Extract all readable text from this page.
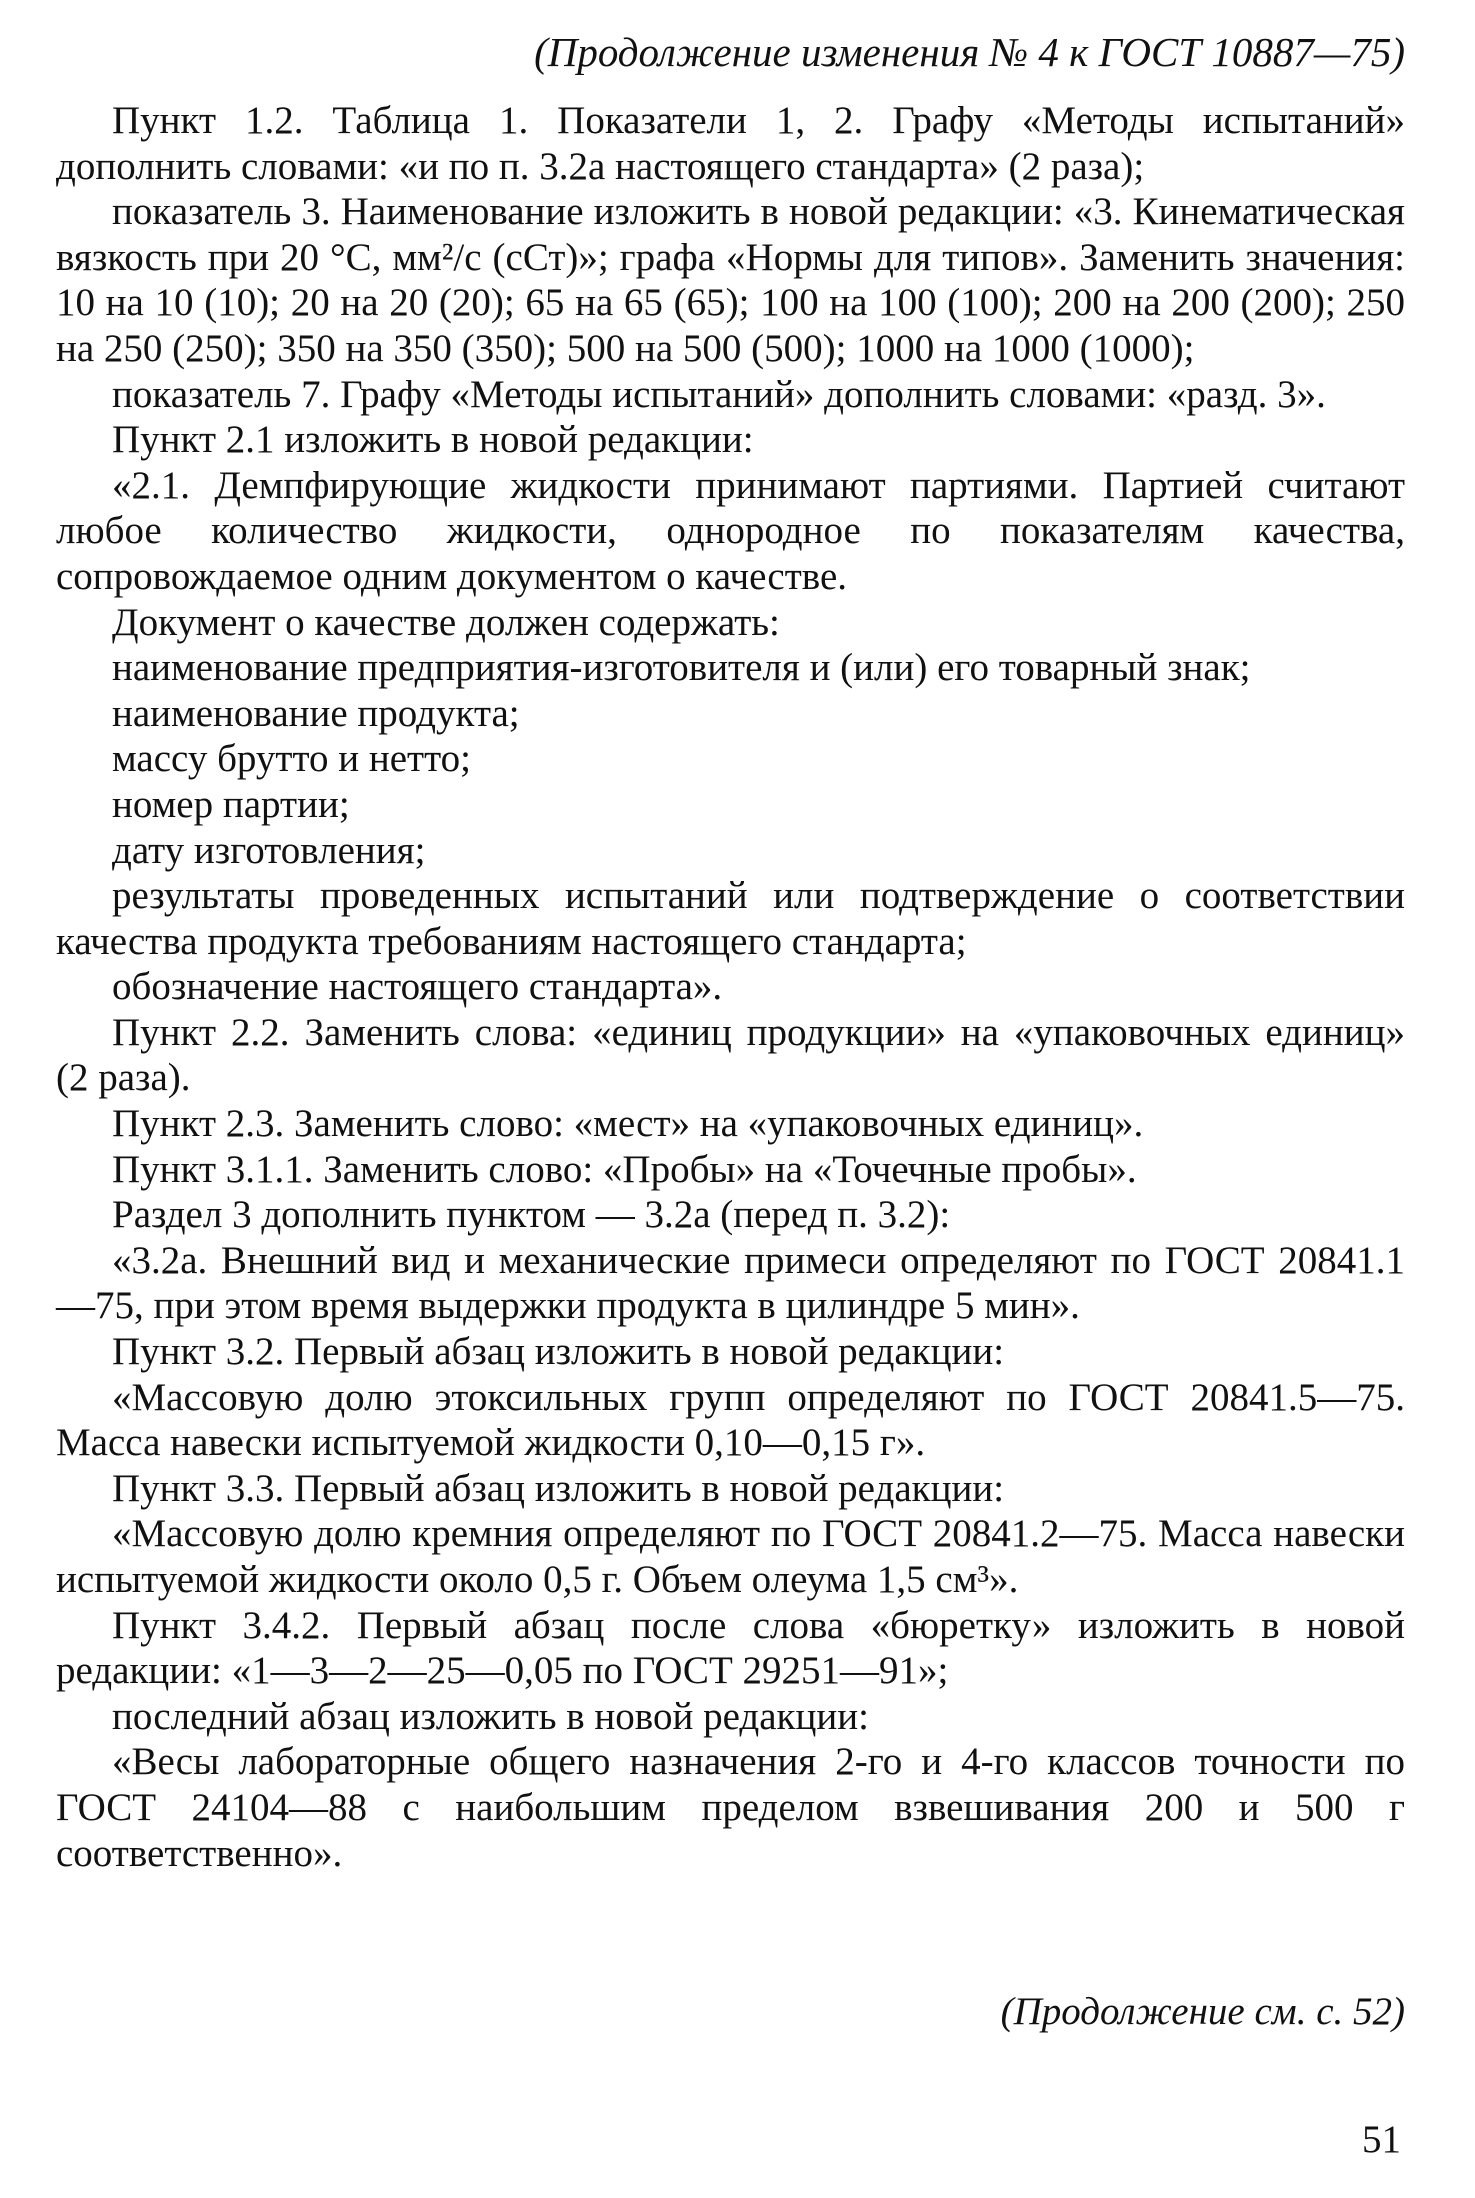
(Продолжение изменения № 4 к ГОСТ 10887—75)

Пункт 1.2. Таблица 1. Показатели 1, 2. Графу «Методы испытаний» дополнить словами: «и по п. 3.2а настоящего стандарта» (2 раза);

показатель 3. Наименование изложить в новой редакции: «3. Кинематическая вязкость при 20 °С, мм²/с (сСт)»; графа «Нормы для типов». Заменить значения: 10 на 10 (10); 20 на 20 (20); 65 на 65 (65); 100 на 100 (100); 200 на 200 (200); 250 на 250 (250); 350 на 350 (350); 500 на 500 (500); 1000 на 1000 (1000);

показатель 7. Графу «Методы испытаний» дополнить словами: «разд. 3».

Пункт 2.1 изложить в новой редакции:

«2.1. Демпфирующие жидкости принимают партиями. Партией считают любое количество жидкости, однородное по показателям качества, сопровождаемое одним документом о качестве.

Документ о качестве должен содержать:

наименование предприятия-изготовителя и (или) его товарный знак;

наименование продукта;

массу брутто и нетто;

номер партии;

дату изготовления;

результаты проведенных испытаний или подтверждение о соответствии качества продукта требованиям настоящего стандарта;

обозначение настоящего стандарта».

Пункт 2.2. Заменить слова: «единиц продукции» на «упаковочных единиц» (2 раза).

Пункт 2.3. Заменить слово: «мест» на «упаковочных единиц».

Пункт 3.1.1. Заменить слово: «Пробы» на «Точечные пробы».

Раздел 3 дополнить пунктом — 3.2а (перед п. 3.2):

«3.2а. Внешний вид и механические примеси определяют по ГОСТ 20841.1—75, при этом время выдержки продукта в цилиндре 5 мин».

Пункт 3.2. Первый абзац изложить в новой редакции:

«Массовую долю этоксильных групп определяют по ГОСТ 20841.5—75. Масса навески испытуемой жидкости 0,10—0,15 г».

Пункт 3.3. Первый абзац изложить в новой редакции:

«Массовую долю кремния определяют по ГОСТ 20841.2—75. Масса навески испытуемой жидкости около 0,5 г. Объем олеума 1,5 см³».

Пункт 3.4.2. Первый абзац после слова «бюретку» изложить в новой редакции: «1—3—2—25—0,05 по ГОСТ 29251—91»;

последний абзац изложить в новой редакции:

«Весы лабораторные общего назначения 2-го и 4-го классов точности по ГОСТ 24104—88 с наибольшим пределом взвешивания 200 и 500 г соответственно».

(Продолжение см. с. 52)
51
